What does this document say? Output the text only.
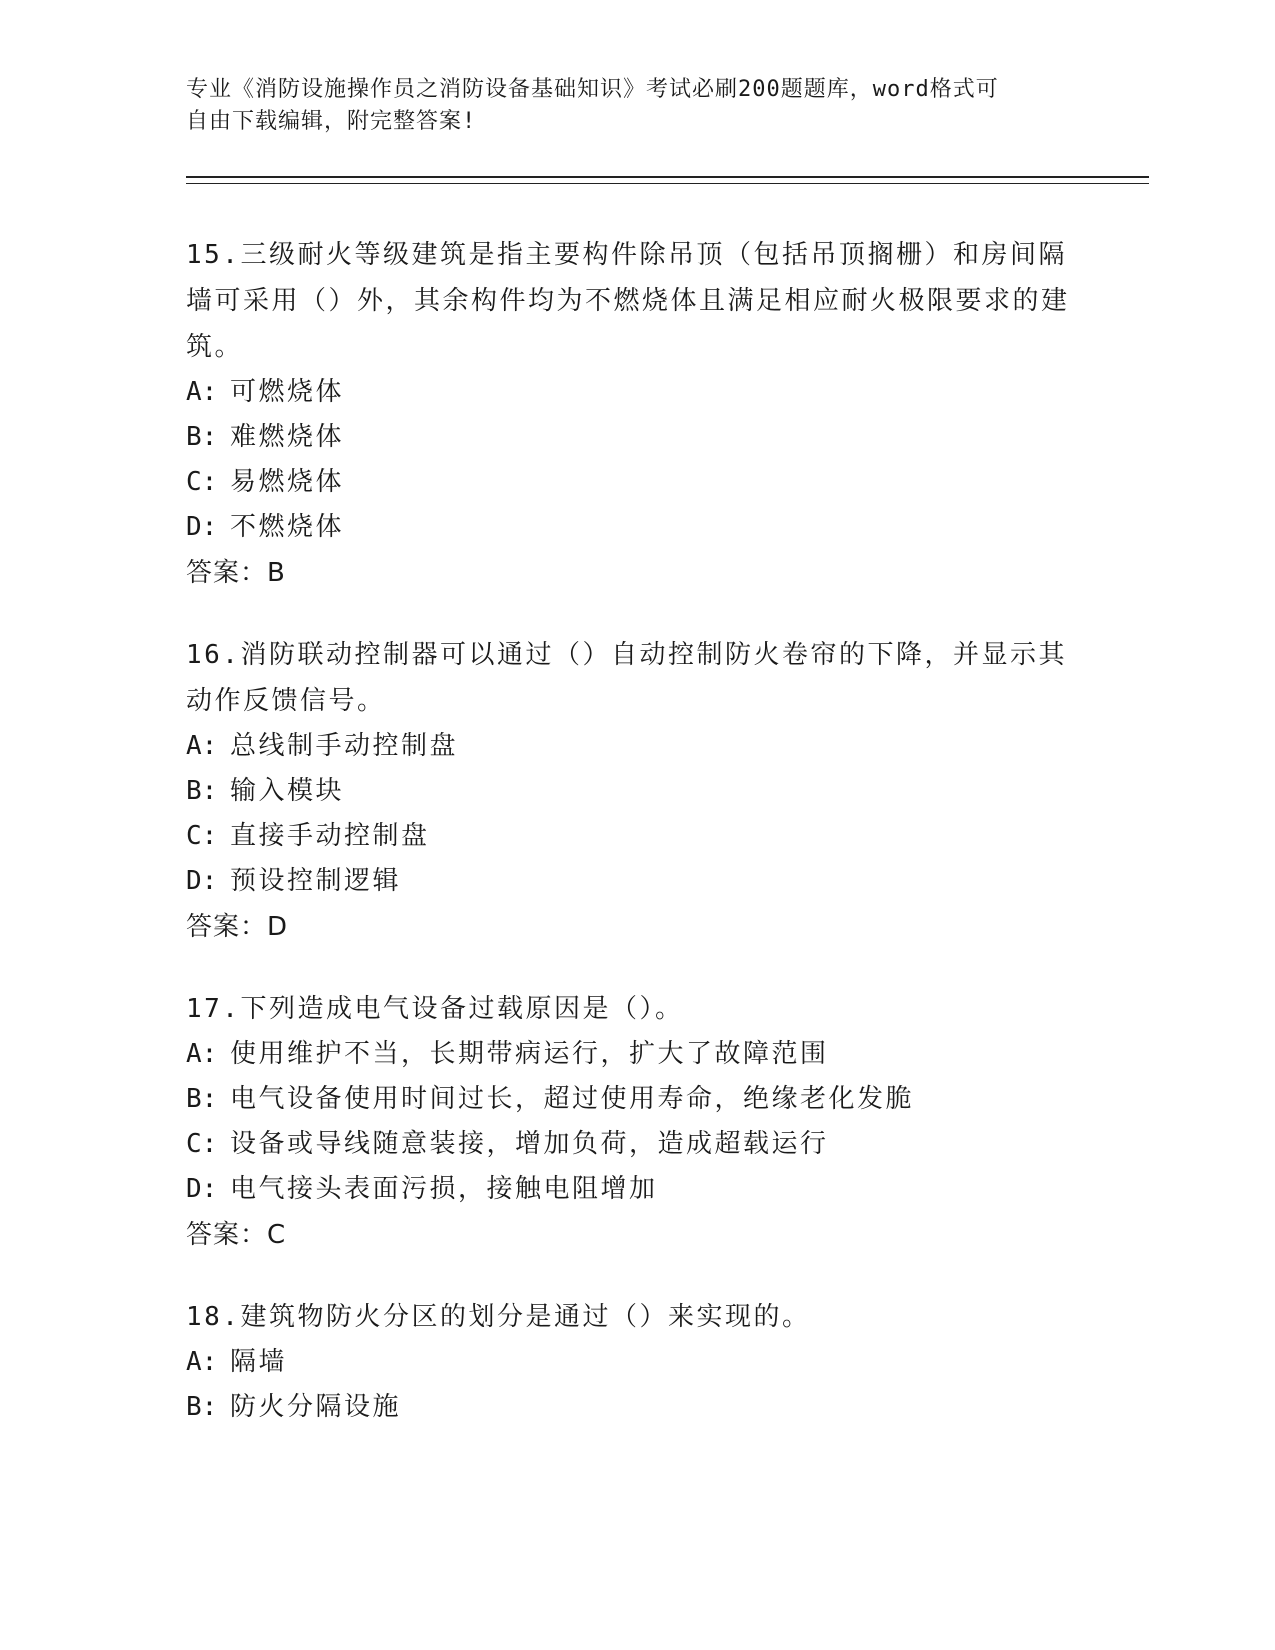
专业《消防设施操作员之消防设备基础知识》考试必刷200题题库，word格式可
自由下载编辑，附完整答案!
15.三级耐火等级建筑是指主要构件除吊顶（包括吊顶搁栅）和房间隔墙可采用（）外，其余构件均为不燃烧体且满足相应耐火极限要求的建筑。
A: 可燃烧体
B: 难燃烧体
C: 易燃烧体
D: 不燃烧体
答案：B
16.消防联动控制器可以通过（）自动控制防火卷帘的下降，并显示其动作反馈信号。
A: 总线制手动控制盘
B: 输入模块
C: 直接手动控制盘
D: 预设控制逻辑
答案：D
17.下列造成电气设备过载原因是（）。
A: 使用维护不当，长期带病运行，扩大了故障范围
B: 电气设备使用时间过长，超过使用寿命，绝缘老化发脆
C: 设备或导线随意装接，增加负荷，造成超载运行
D: 电气接头表面污损，接触电阻增加
答案：C
18.建筑物防火分区的划分是通过（）来实现的。
A: 隔墙
B: 防火分隔设施
